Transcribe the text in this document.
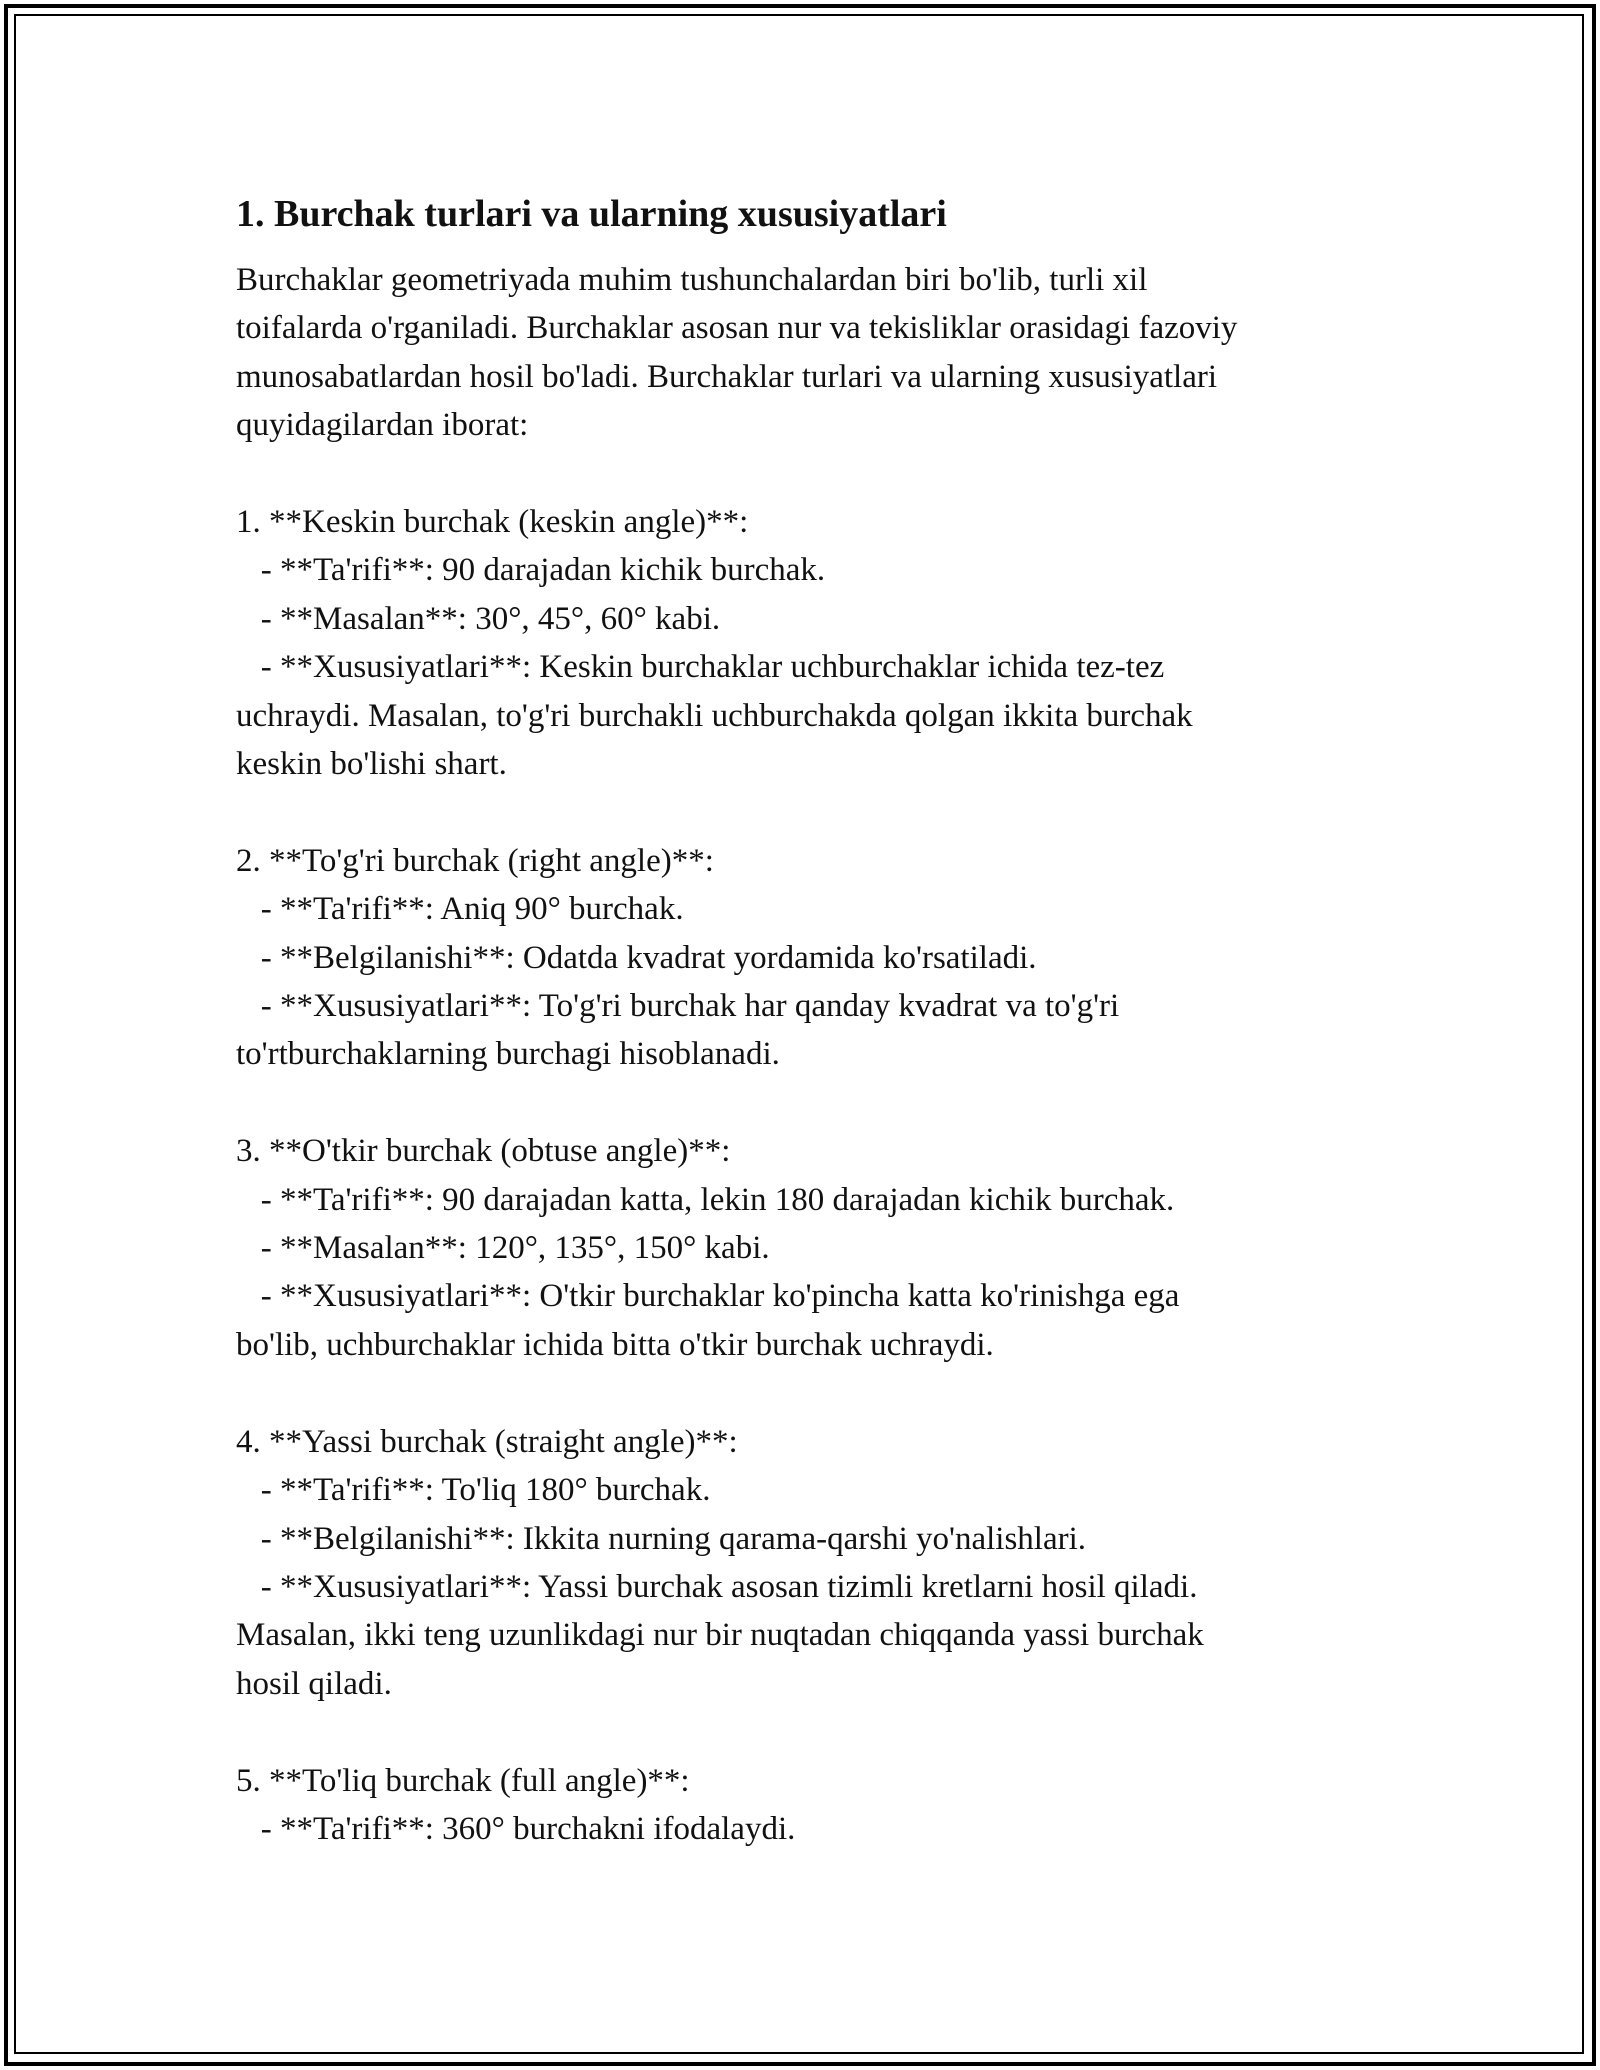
1. Burchak turlari va ularning xususiyatlari
Burchaklar geometriyada muhim tushunchalardan biri bo'lib, turli xil
toifalarda o'rganiladi. Burchaklar asosan nur va tekisliklar orasidagi fazoviy
munosabatlardan hosil bo'ladi. Burchaklar turlari va ularning xususiyatlari
quyidagilardan iborat:
1. **Keskin burchak (keskin angle)**:
- **Ta'rifi**: 90 darajadan kichik burchak.
- **Masalan**: 30°, 45°, 60° kabi.
- **Xususiyatlari**: Keskin burchaklar uchburchaklar ichida tez-tez
uchraydi. Masalan, to'g'ri burchakli uchburchakda qolgan ikkita burchak
keskin bo'lishi shart.
2. **To'g'ri burchak (right angle)**:
- **Ta'rifi**: Aniq 90° burchak.
- **Belgilanishi**: Odatda kvadrat yordamida ko'rsatiladi.
- **Xususiyatlari**: To'g'ri burchak har qanday kvadrat va to'g'ri
to'rtburchaklarning burchagi hisoblanadi.
3. **O'tkir burchak (obtuse angle)**:
- **Ta'rifi**: 90 darajadan katta, lekin 180 darajadan kichik burchak.
- **Masalan**: 120°, 135°, 150° kabi.
- **Xususiyatlari**: O'tkir burchaklar ko'pincha katta ko'rinishga ega
bo'lib, uchburchaklar ichida bitta o'tkir burchak uchraydi.
4. **Yassi burchak (straight angle)**:
- **Ta'rifi**: To'liq 180° burchak.
- **Belgilanishi**: Ikkita nurning qarama-qarshi yo'nalishlari.
- **Xususiyatlari**: Yassi burchak asosan tizimli kretlarni hosil qiladi.
Masalan, ikki teng uzunlikdagi nur bir nuqtadan chiqqanda yassi burchak
hosil qiladi.
5. **To'liq burchak (full angle)**:
- **Ta'rifi**: 360° burchakni ifodalaydi.
